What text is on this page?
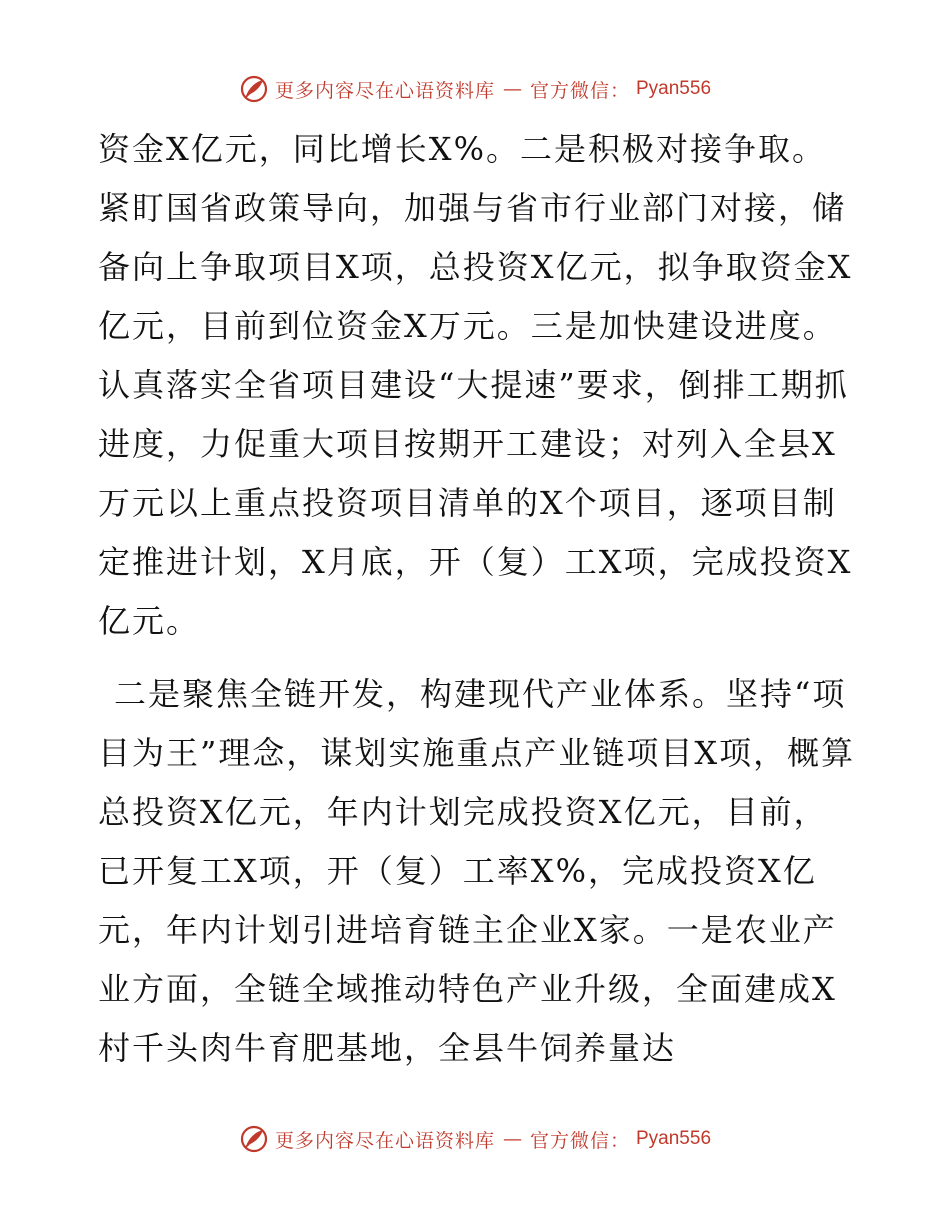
更多内容尽在心语资料库 — 官方微信： Pyan556

资金X亿元，同比增长X%。二是积极对接争取。紧盯国省政策导向，加强与省市行业部门对接，储备向上争取项目X项，总投资X亿元，拟争取资金X亿元，目前到位资金X万元。三是加快建设进度。认真落实全省项目建设“大提速”要求，倒排工期抓进度，力促重大项目按期开工建设；对列入全县X万元以上重点投资项目清单的X个项目，逐项目制定推进计划，X月底，开（复）工X项，完成投资X亿元。

二是聚焦全链开发，构建现代产业体系。坚持“项目为王”理念，谋划实施重点产业链项目X项，概算总投资X亿元，年内计划完成投资X亿元，目前，已开复工X项，开（复）工率X%，完成投资X亿元，年内计划引进培育链主企业X家。一是农业产业方面，全链全域推动特色产业升级，全面建成X村千头肉牛育肥基地，全县牛饲养量达

更多内容尽在心语资料库 — 官方微信： Pyan556
